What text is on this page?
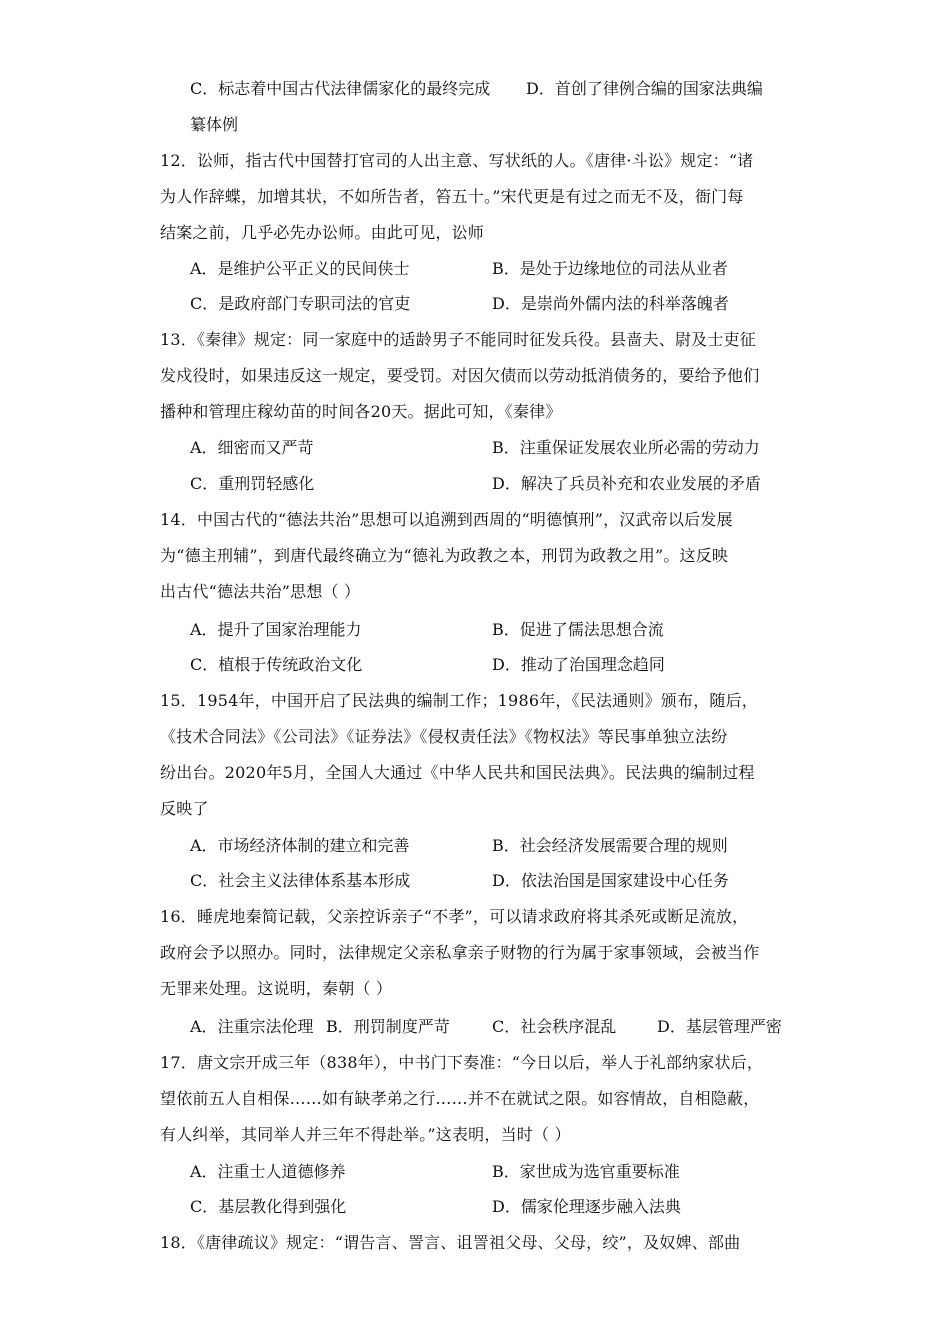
C．标志着中国古代法律儒家化的最终完成 D．首创了律例合编的国家法典编
纂体例
12．讼师，指古代中国替打官司的人出主意、写状纸的人。《唐律·斗讼》规定：“诸
为人作辞蝶，加增其状，不如所告者，笞五十。”宋代更是有过之而无不及，衙门每
结案之前，几乎必先办讼师。由此可见，讼师
A．是维护公平正义的民间侠士	B．是处于边缘地位的司法从业者
C．是政府部门专职司法的官吏	D．是崇尚外儒内法的科举落魄者
13．《秦律》规定：同一家庭中的适龄男子不能同时征发兵役。县啬夫、尉及士吏征
发戍役时，如果违反这一规定，要受罚。对因欠债而以劳动抵消债务的，要给予他们
播种和管理庄稼幼苗的时间各20天。据此可知，《秦律》
A．细密而又严苛	B．注重保证发展农业所必需的劳动力
C．重刑罚轻感化	D．解决了兵员补充和农业发展的矛盾
14．中国古代的“德法共治”思想可以追溯到西周的“明德慎刑”，汉武帝以后发展
为“德主刑辅”，到唐代最终确立为“德礼为政教之本，刑罚为政教之用”。这反映
出古代“德法共治”思想（ ）
A．提升了国家治理能力	B．促进了儒法思想合流
C．植根于传统政治文化	D．推动了治国理念趋同
15．1954年，中国开启了民法典的编制工作；1986年，《民法通则》颁布，随后，
《技术合同法》《公司法》《证券法》《侵权责任法》《物权法》等民事单独立法纷
纷出台。2020年5月，全国人大通过《中华人民共和国民法典》。民法典的编制过程
反映了
A．市场经济体制的建立和完善	B．社会经济发展需要合理的规则
C．社会主义法律体系基本形成	D．依法治国是国家建设中心任务
16．睡虎地秦简记载，父亲控诉亲子“不孝”，可以请求政府将其杀死或断足流放，
政府会予以照办。同时，法律规定父亲私拿亲子财物的行为属于家事领域，会被当作
无罪来处理。这说明，秦朝（ ）
A．注重宗法伦理 B．刑罚制度严苛	C．社会秩序混乱	D．基层管理严密
17．唐文宗开成三年（838年），中书门下奏准：“今日以后，举人于礼部纳家状后，
望依前五人自相保……如有缺孝弟之行……并不在就试之限。如容情故，自相隐蔽，
有人纠举，其同举人并三年不得赴举。”这表明，当时（ ）
A．注重士人道德修养	B．家世成为选官重要标准
C．基层教化得到强化	D．儒家伦理逐步融入法典
18．《唐律疏议》规定：“谓告言、詈言、诅詈祖父母、父母，绞”，及奴婢、部曲
